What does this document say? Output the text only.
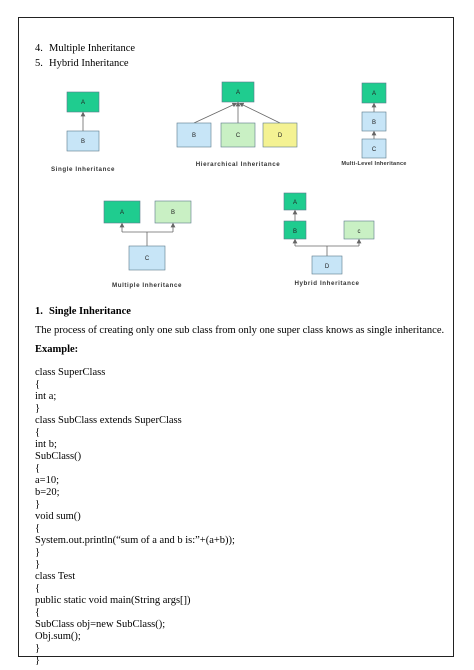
4. Multiple Inheritance
5. Hybrid Inheritance
A
B
Single Inheritance
A
B	C	D
Hierarchical Inheritance
A
B
C
Multi-Level Inheritance
A	B
C
Multiple Inheritance
A
B	c
D
Hybrid Inheritance
1. Single Inheritance
The process of creating only one sub class from only one super class knows as single inheritance.
Example:
class SuperClass
{
int a;
}
class SubClass extends SuperClass
{
int b;
SubClass()
{
a=10;
b=20;
}
void sum()
{
System.out.println(“sum of a and b is:”+(a+b));
}
}
class Test
{
public static void main(String args[])
{
SubClass obj=new SubClass();
Obj.sum();
}
}
